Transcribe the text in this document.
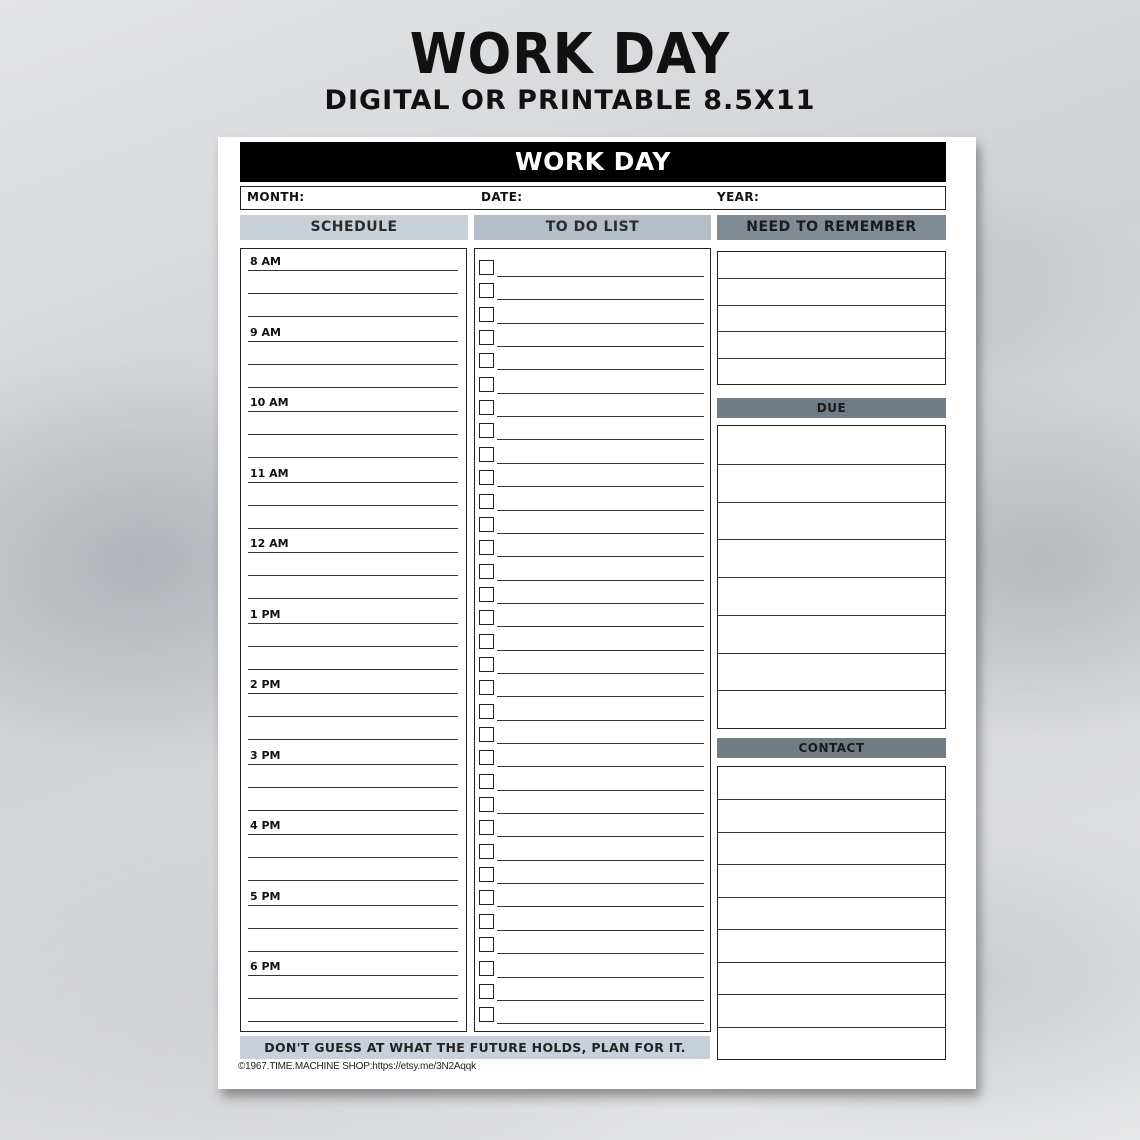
WORK DAY
DIGITAL OR PRINTABLE 8.5X11
WORK DAY
MONTH:	DATE:	YEAR:
SCHEDULE	TO DO LIST	NEED TO REMEMBER
8 AM
9 AM
10 AM
11 AM
12 AM
1 PM
2 PM
3 PM
4 PM
5 PM
6 PM
DUE
CONTACT
DON'T GUESS AT WHAT THE FUTURE HOLDS, PLAN FOR IT.
©1967.TIME.MACHINE SHOP:https://etsy.me/3N2Aqqk
